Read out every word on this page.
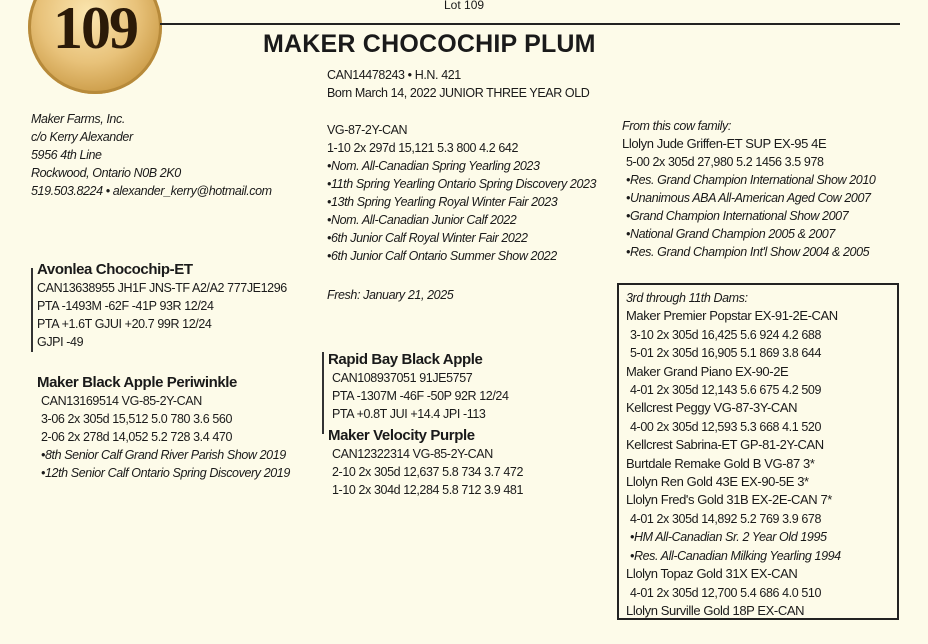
109	Lot 109
MAKER CHOCOCHIP PLUM
CAN14478243 • H.N. 421
Born March 14, 2022 JUNIOR THREE YEAR OLD
Maker Farms, Inc.
c/o Kerry Alexander
5956 4th Line
Rockwood, Ontario N0B 2K0
519.503.8224 • alexander_kerry@hotmail.com
VG-87-2Y-CAN
1-10 2x 297d 15,121 5.3 800 4.2 642
•Nom. All-Canadian Spring Yearling 2023
•11th Spring Yearling Ontario Spring Discovery 2023
•13th Spring Yearling Royal Winter Fair 2023
•Nom. All-Canadian Junior Calf 2022
•6th Junior Calf Royal Winter Fair 2022
•6th Junior Calf Ontario Summer Show 2022
Fresh: January 21, 2025
From this cow family:
Llolyn Jude Griffen-ET SUP EX-95 4E
5-00 2x 305d 27,980 5.2 1456 3.5 978
•Res. Grand Champion International Show 2010
•Unanimous ABA All-American Aged Cow 2007
•Grand Champion International Show 2007
•National Grand Champion 2005 & 2007
•Res. Grand Champion Int'l Show 2004 & 2005
Avonlea Chocochip-ET
CAN13638955 JH1F JNS-TF A2/A2 777JE1296
PTA -1493M -62F -41P 93R 12/24
PTA +1.6T GJUI +20.7 99R 12/24
GJPI -49
Maker Black Apple Periwinkle
CAN13169514 VG-85-2Y-CAN
3-06 2x 305d 15,512 5.0 780 3.6 560
2-06 2x 278d 14,052 5.2 728 3.4 470
•8th Senior Calf Grand River Parish Show 2019
•12th Senior Calf Ontario Spring Discovery 2019
Rapid Bay Black Apple
CAN108937051 91JE5757
PTA -1307M -46F -50P 92R 12/24
PTA +0.8T JUI +14.4 JPI -113
Maker Velocity Purple
CAN12322314 VG-85-2Y-CAN
2-10 2x 305d 12,637 5.8 734 3.7 472
1-10 2x 304d 12,284 5.8 712 3.9 481
3rd through 11th Dams:
Maker Premier Popstar EX-91-2E-CAN
3-10 2x 305d 16,425 5.6 924 4.2 688
5-01 2x 305d 16,905 5.1 869 3.8 644
Maker Grand Piano EX-90-2E
4-01 2x 305d 12,143 5.6 675 4.2 509
Kellcrest Peggy VG-87-3Y-CAN
4-00 2x 305d 12,593 5.3 668 4.1 520
Kellcrest Sabrina-ET GP-81-2Y-CAN
Burtdale Remake Gold B VG-87 3*
Llolyn Ren Gold 43E EX-90-5E 3*
Llolyn Fred's Gold 31B EX-2E-CAN 7*
4-01 2x 305d 14,892 5.2 769 3.9 678
•HM All-Canadian Sr. 2 Year Old 1995
•Res. All-Canadian Milking Yearling 1994
Llolyn Topaz Gold 31X EX-CAN
4-01 2x 305d 12,700 5.4 686 4.0 510
Llolyn Surville Gold 18P EX-CAN
